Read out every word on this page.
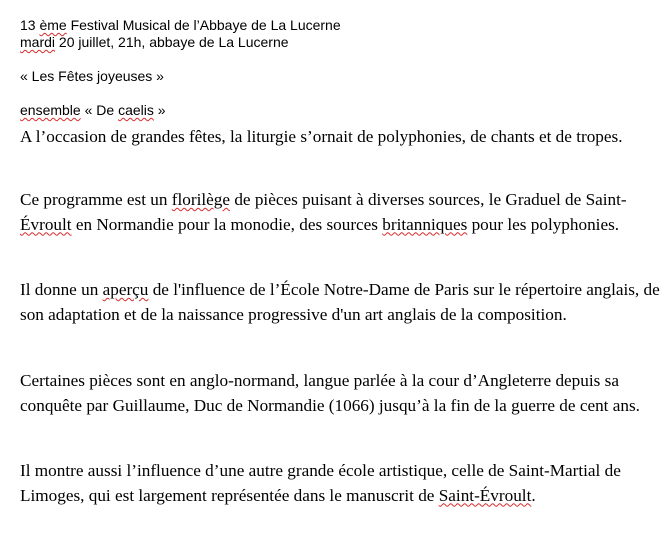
13 ème Festival Musical de l’Abbaye de La Lucerne
mardi 20 juillet, 21h, abbaye de La Lucerne
« Les Fêtes joyeuses »
ensemble « De caelis »

A l’occasion de grandes fêtes, la liturgie s’ornait de polyphonies, de chants et de tropes.

Ce programme est un florilège de pièces puisant à diverses sources, le Graduel de Saint-Évroult en Normandie pour la monodie, des sources britanniques pour les polyphonies.

Il donne un aperçu de l'influence de l’École Notre-Dame de Paris sur le répertoire anglais, de son adaptation et de la naissance progressive d'un art anglais de la composition.

Certaines pièces sont en anglo-normand, langue parlée à la cour d’Angleterre depuis sa conquête par Guillaume, Duc de Normandie (1066) jusqu’à la fin de la guerre de cent ans.

Il montre aussi l’influence d’une autre grande école artistique, celle de Saint-Martial de Limoges, qui est largement représentée dans le manuscrit de Saint-Évroult.
